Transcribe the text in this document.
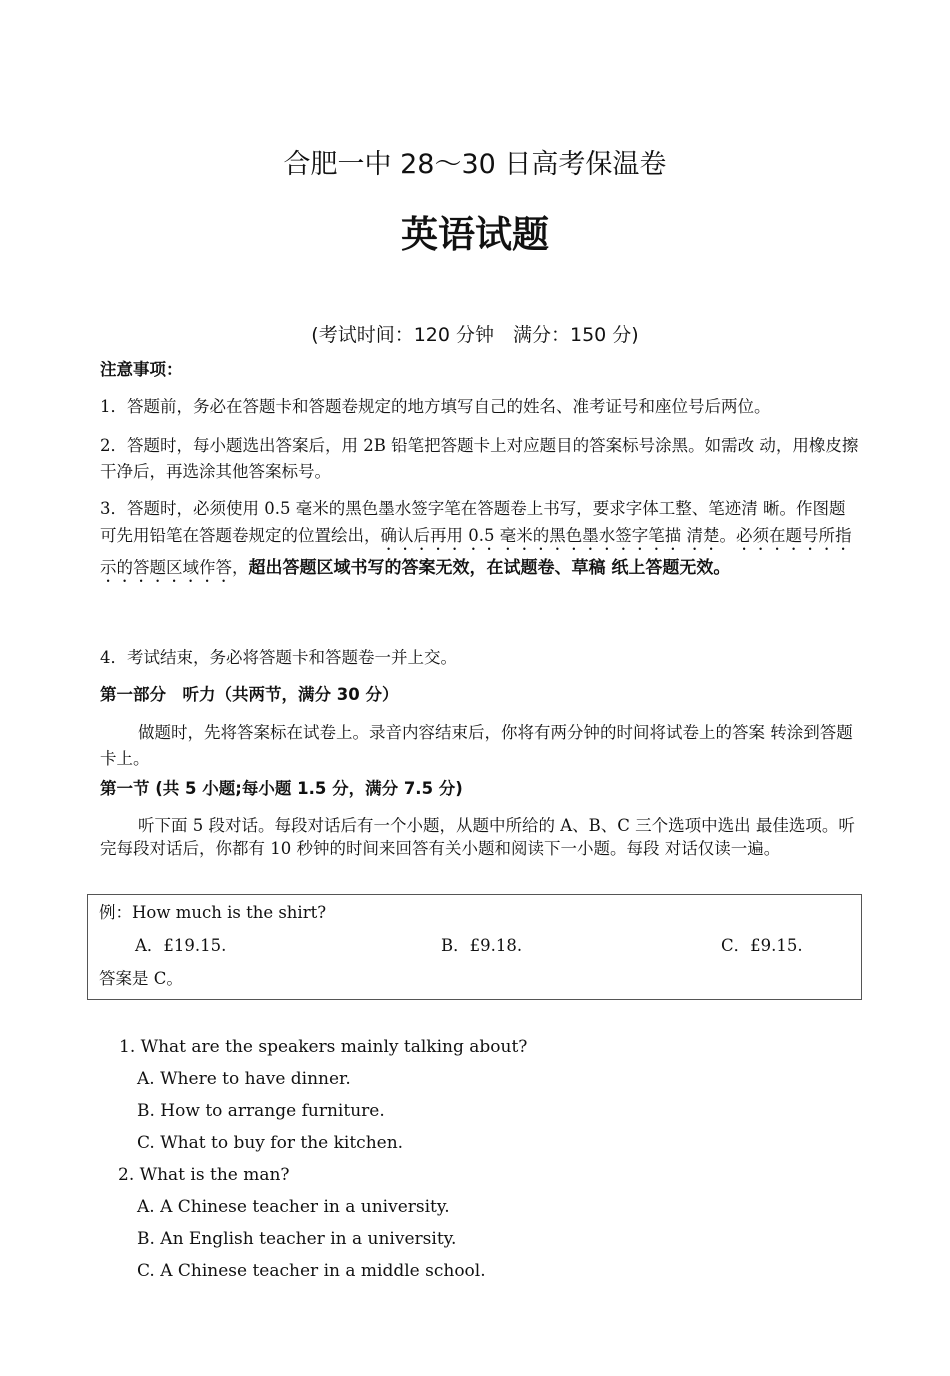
合肥一中 28～30 日高考保温卷
英语试题
(考试时间：120 分钟　满分：150 分)
注意事项：
1．答题前，务必在答题卡和答题卷规定的地方填写自己的姓名、准考证号和座位号后两位。
2．答题时，每小题选出答案后，用 2B 铅笔把答题卡上对应题目的答案标号涂黑。如需改 动，用橡皮擦干净后，再选涂其他答案标号。
3．答题时，必须使用 0.5 毫米的黑色墨水签字笔在答题卷上书写，要求字体工整、笔迹清 晰。作图题可先用铅笔在答题卷规定的位置绘出，确认后再用 0.5 毫米的黑色墨水签字笔描 清楚。必须在题号所指示的答题区域作答，超出答题区域书写的答案无效，在试题卷、草稿 纸上答题无效。
4．考试结束，务必将答题卡和答题卷一并上交。
第一部分　听力（共两节，满分 30 分）
做题时，先将答案标在试卷上。录音内容结束后，你将有两分钟的时间将试卷上的答案 转涂到答题卡上。
第一节 (共 5 小题;每小题 1.5 分，满分 7.5 分)
听下面 5 段对话。每段对话后有一个小题，从题中所给的 A、B、C 三个选项中选出 最佳选项。听完每段对话后，你都有 10 秒钟的时间来回答有关小题和阅读下一小题。每段 对话仅读一遍。
例：How much is the shirt?
A．£19.15.	B．£9.18.	C．£9.15.
答案是 C。
1. What are the speakers mainly talking about?
A. Where to have dinner.
B. How to arrange furniture.
C. What to buy for the kitchen.
2. What is the man?
A. A Chinese teacher in a university.
B. An English teacher in a university.
C. A Chinese teacher in a middle school.
